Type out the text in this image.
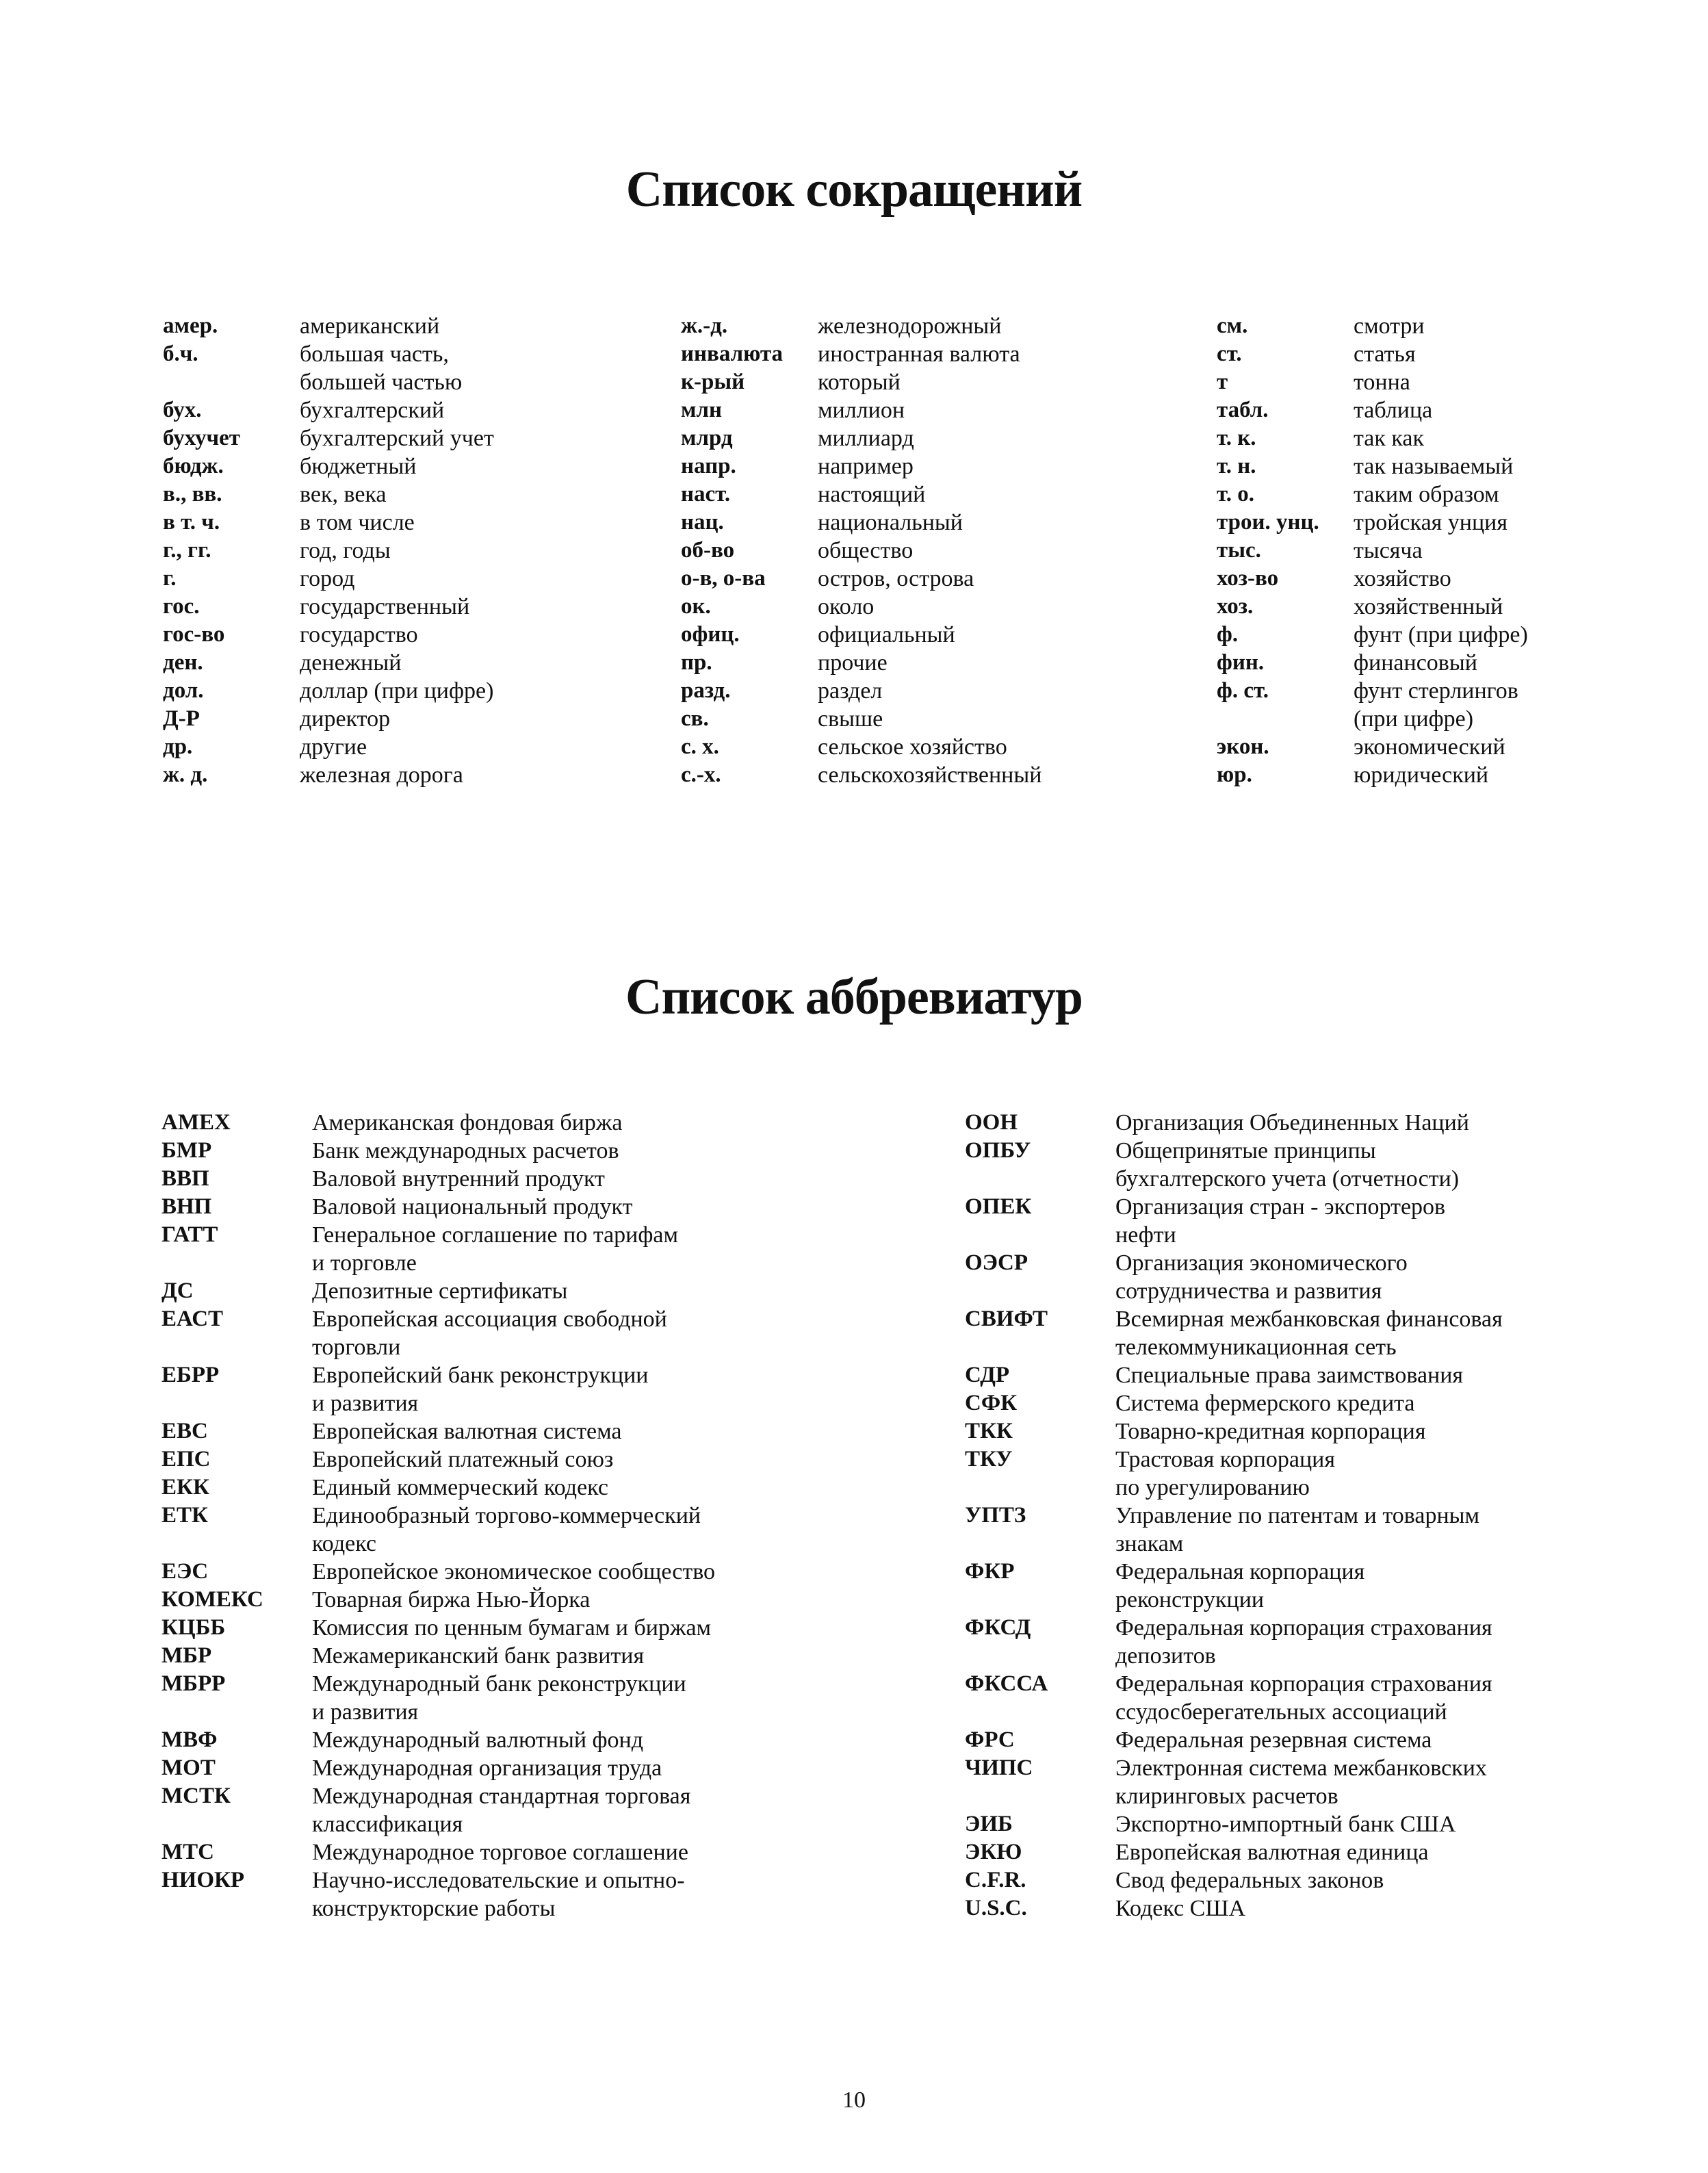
Список сокращений
амер.	американский
б.ч.	большая часть,
большей частью
бух.	бухгалтерский
бухучет	бухгалтерский учет
бюдж.	бюджетный
в., вв.	век, века
в т. ч.	в том числе
г., гг.	год, годы
г.	город
гос.	государственный
гос-во	государство
ден.	денежный
дол.	доллар (при цифре)
Д-Р	директор
др.	другие
ж. д.	железная дорога
ж.-д.	железнодорожный
инвалюта	иностранная валюта
к-рый	который
млн	миллион
млрд	миллиард
напр.	например
наст.	настоящий
нац.	национальный
об-во	общество
о-в, о-ва	остров, острова
ок.	около
офиц.	официальный
пр.	прочие
разд.	раздел
св.	свыше
с. х.	сельское хозяйство
с.-х.	сельскохозяйственный
см.	смотри
ст.	статья
т	тонна
табл.	таблица
т. к.	так как
т. н.	так называемый
т. о.	таким образом
трои. унц.	тройская унция
тыс.	тысяча
хоз-во	хозяйство
хоз.	хозяйственный
ф.	фунт (при цифре)
фин.	финансовый
ф. ст.	фунт стерлингов
(при цифре)
экон.	экономический
юр.	юридический
Список аббревиатур
AMEX	Американская фондовая биржа
БМР	Банк международных расчетов
ВВП	Валовой внутренний продукт
ВНП	Валовой национальный продукт
ГАТТ	Генеральное соглашение по тарифам
и торговле
ДС	Депозитные сертификаты
ЕАСТ	Европейская ассоциация свободной
торговли
ЕБРР	Европейский банк реконструкции
и развития
ЕВС	Европейская валютная система
ЕПС	Европейский платежный союз
ЕКК	Единый коммерческий кодекс
ЕТК	Единообразный торгово-коммерческий
кодекс
ЕЭС	Европейское экономическое сообщество
КОМЕКС	Товарная биржа Нью-Йорка
КЦББ	Комиссия по ценным бумагам и биржам
МБР	Межамериканский банк развития
МБРР	Международный банк реконструкции
и развития
МВФ	Международный валютный фонд
МОТ	Международная организация труда
МСТК	Международная стандартная торговая
классификация
МТС	Международное торговое соглашение
НИОКР	Научно-исследовательские и опытно-
конструкторские работы
ООН	Организация Объединенных Наций
ОПБУ	Общепринятые принципы
бухгалтерского учета (отчетности)
ОПЕК	Организация стран - экспортеров
нефти
ОЭСР	Организация экономического
сотрудничества и развития
СВИФТ	Всемирная межбанковская финансовая
телекоммуникационная сеть
СДР	Специальные права заимствования
СФК	Система фермерского кредита
ТКК	Товарно-кредитная корпорация
ТКУ	Трастовая корпорация
по урегулированию
УПТЗ	Управление по патентам и товарным
знакам
ФКР	Федеральная корпорация
реконструкции
ФКСД	Федеральная корпорация страхования
депозитов
ФКССА	Федеральная корпорация страхования
ссудосберегательных ассоциаций
ФРС	Федеральная резервная система
ЧИПС	Электронная система межбанковских
клиринговых расчетов
ЭИБ	Экспортно-импортный банк США
ЭКЮ	Европейская валютная единица
C.F.R.	Свод федеральных законов
U.S.C.	Кодекс США
10
